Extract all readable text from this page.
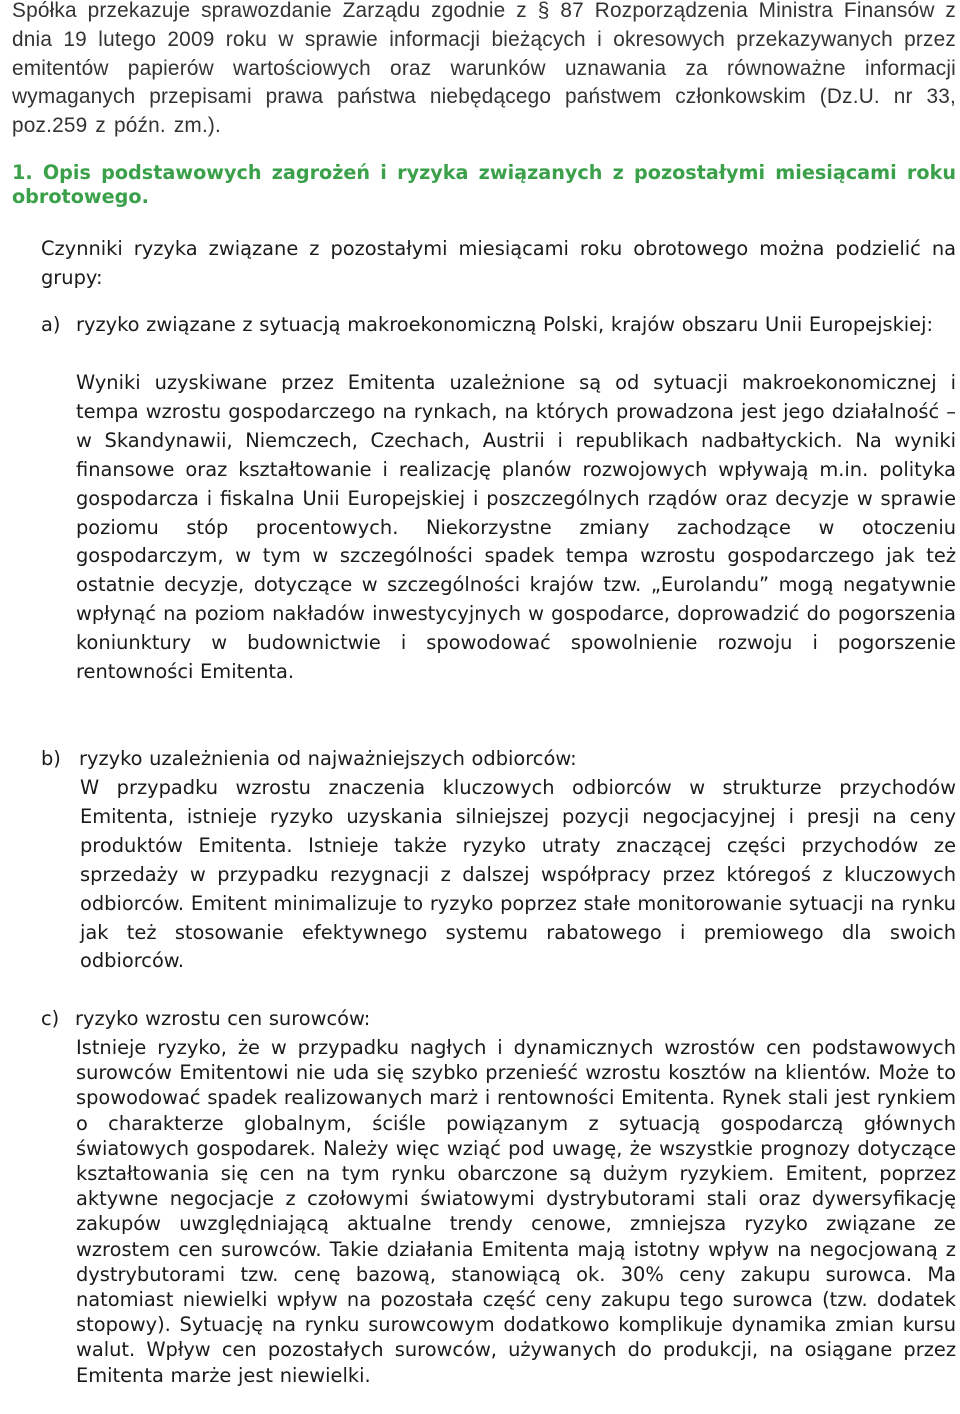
Spółka przekazuje sprawozdanie Zarządu zgodnie z § 87 Rozporządzenia Ministra Finansów z dnia 19 lutego 2009 roku w sprawie informacji bieżących i okresowych przekazywanych przez emitentów papierów wartościowych oraz warunków uznawania za równoważne informacji wymaganych przepisami prawa państwa niebędącego państwem członkowskim (Dz.U. nr 33, poz.259 z późn. zm.).

1. Opis podstawowych zagrożeń i ryzyka związanych z pozostałymi miesiącami roku obrotowego.

Czynniki ryzyka związane z pozostałymi miesiącami roku obrotowego można podzielić na grupy:

a) ryzyko związane z sytuacją makroekonomiczną Polski, krajów obszaru Unii Europejskiej:

Wyniki uzyskiwane przez Emitenta uzależnione są od sytuacji makroekonomicznej i tempa wzrostu gospodarczego na rynkach, na których prowadzona jest jego działalność – w Skandynawii, Niemczech, Czechach, Austrii i republikach nadbałtyckich. Na wyniki finansowe oraz kształtowanie i realizację planów rozwojowych wpływają m.in. polityka gospodarcza i fiskalna Unii Europejskiej i poszczególnych rządów oraz decyzje w sprawie poziomu stóp procentowych. Niekorzystne zmiany zachodzące w otoczeniu gospodarczym, w tym w szczególności spadek tempa wzrostu gospodarczego jak też ostatnie decyzje, dotyczące w szczególności krajów tzw. „Eurolandu” mogą negatywnie wpłynąć na poziom nakładów inwestycyjnych w gospodarce, doprowadzić do pogorszenia koniunktury w budownictwie i spowodować spowolnienie rozwoju i pogorszenie rentowności Emitenta.

b) ryzyko uzależnienia od najważniejszych odbiorców:

W przypadku wzrostu znaczenia kluczowych odbiorców w strukturze przychodów Emitenta, istnieje ryzyko uzyskania silniejszej pozycji negocjacyjnej i presji na ceny produktów Emitenta. Istnieje także ryzyko utraty znaczącej części przychodów ze sprzedaży w przypadku rezygnacji z dalszej współpracy przez któregoś z kluczowych odbiorców. Emitent minimalizuje to ryzyko poprzez stałe monitorowanie sytuacji na rynku jak też stosowanie efektywnego systemu rabatowego i premiowego dla swoich odbiorców.

c) ryzyko wzrostu cen surowców:

Istnieje ryzyko, że w przypadku nagłych i dynamicznych wzrostów cen podstawowych surowców Emitentowi nie uda się szybko przenieść wzrostu kosztów na klientów. Może to spowodować spadek realizowanych marż i rentowności Emitenta. Rynek stali jest rynkiem o charakterze globalnym, ściśle powiązanym z sytuacją gospodarczą głównych światowych gospodarek. Należy więc wziąć pod uwagę, że wszystkie prognozy dotyczące kształtowania się cen na tym rynku obarczone są dużym ryzykiem. Emitent, poprzez aktywne negocjacje z czołowymi światowymi dystrybutorami stali oraz dywersyfikację zakupów uwzględniającą aktualne trendy cenowe, zmniejsza ryzyko związane ze wzrostem cen surowców. Takie działania Emitenta mają istotny wpływ na negocjowaną z dystrybutorami tzw. cenę bazową, stanowiącą ok. 30% ceny zakupu surowca. Ma natomiast niewielki wpływ na pozostała część ceny zakupu tego surowca (tzw. dodatek stopowy). Sytuację na rynku surowcowym dodatkowo komplikuje dynamika zmian kursu walut. Wpływ cen pozostałych surowców, używanych do produkcji, na osiągane przez Emitenta marże jest niewielki.
